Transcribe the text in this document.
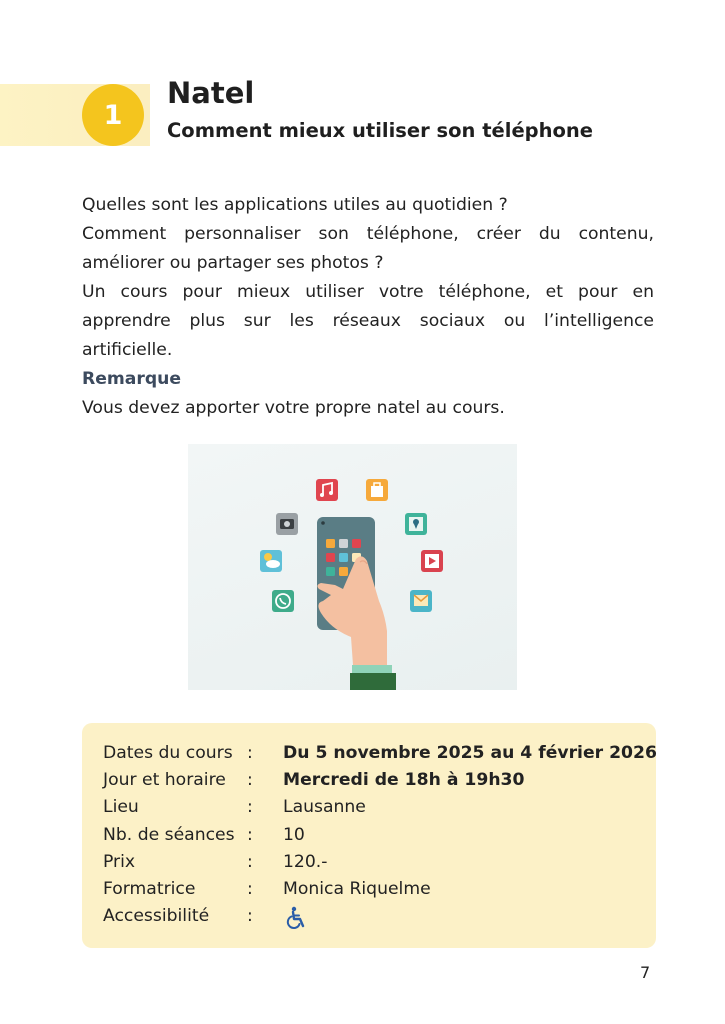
1
Natel
Comment mieux utiliser son téléphone

Quelles sont les applications utiles au quotidien ?

Comment personnaliser son téléphone, créer du contenu, améliorer ou partager ses photos ?

Un cours pour mieux utiliser votre téléphone, et pour en apprendre plus sur les réseaux sociaux ou l’intelligence artificielle.

Remarque

Vous devez apporter votre propre natel au cours.

Dates du cours : Du 5 novembre 2025 au 4 février 2026
Jour et horaire : Mercredi de 18h à 19h30
Lieu	: Lausanne
Nb. de séances : 10
Prix	: 120.-
Formatrice	: Monica Riquelme
Accessibilité :
7
